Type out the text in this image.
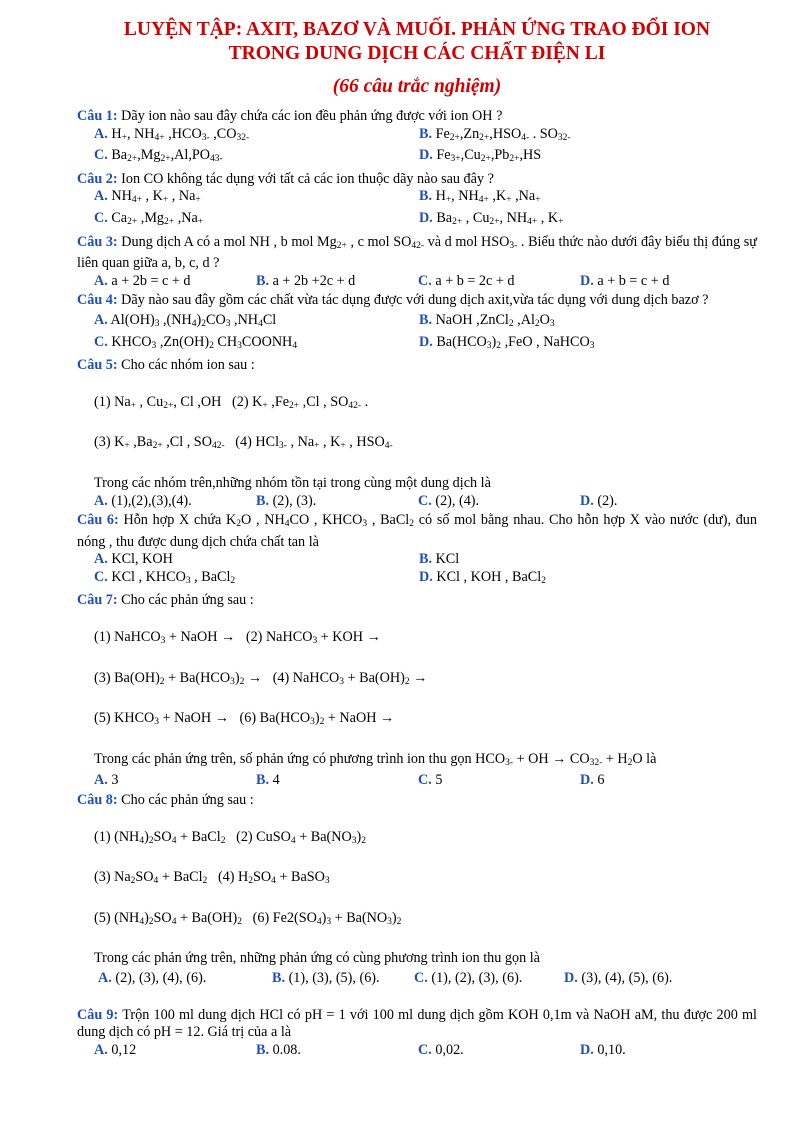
LUYỆN TẬP: AXIT, BAZƠ VÀ MUỐI. PHẢN ỨNG TRAO ĐỔI ION

TRONG DUNG DỊCH CÁC CHẤT ĐIỆN LI

(66 câu trắc nghiệm)

Câu 1: Dãy ion nào sau đây chứa các ion đều phản ứng được với ion OH ?
A. $H_+$, $NH_{4+}$ $,HCO_{3-}$ $,CO_{32-}$	B. $Fe_{2+},Zn_{2+},HSO_{4-}$ . $SO_{32-}$
C. $Ba_{2+},Mg_{2+},Al,PO_{43-}$	D. $Fe_{3+},Cu_{2+},Pb_{2+},HS$
Câu 2: Ion CO không tác dụng với tất cả các ion thuộc dãy nào sau đây ?
A. $NH_{4+}$ , $K_+$ , $Na_+$	B. $H_+$, $NH_{4+}$ $,K_+$ $,Na_+$
C. $Ca_{2+}$ $,Mg_{2+}$ $,Na_+$	D. $Ba_{2+}$ , $Cu_{2+}$, $NH_{4+}$ , $K_+$
Câu 3: Dung dịch A có a mol NH , b mol $Mg_{2+}$ , c mol $SO_{42-}$ và d mol $HSO_{3-}$ . Biểu thức nào dưới đây biểu thị đúng sự liên quan giữa a, b, c, d ?
A. a + 2b = c + d	B. a + 2b +2c + d	C. a + b = 2c + d	D. a + b = c + d
Câu 4: Dãy nào sau đây gồm các chất vừa tác dụng được với dung dịch axit,vừa tác dụng với dung dịch bazơ ?
A. $Al(OH)_3$ $,(NH_4)_2CO_3$ $,NH_4Cl$	B. NaOH ,ZnCl$_2$ $,Al_2O_3$
C. $KHCO_3$ $,Zn(OH)_2$ $CH_3COONH_4$	D. $Ba(HCO_3)_2$ ,FeO , NaHCO$_3$
Câu 5: Cho các nhóm ion sau :
(1) $Na_+$ , $Cu_{2+}$, Cl ,OH   (2) $K_+$ $,Fe_{2+}$ ,Cl , $SO_{42-}$ .
(3) $K_+$ $,Ba_{2+}$ ,Cl , $SO_{42-}$   (4) HCl$_{3-}$ , $Na_+$ , $K_+$ , $HSO_{4-}$
Trong các nhóm trên,những nhóm tồn tại trong cùng một dung dịch là
A. (1),(2),(3),(4).	B. (2), (3).	C. (2), (4).	D. (2).
Câu 6: Hỗn hợp X chứa $K_2O$ , $NH_4CO$ , $KHCO_3$ , BaCl$_2$ có số mol bằng nhau. Cho hỗn hợp X vào nước (dư), đun nóng , thu được dung dịch chứa chất tan là
A. KCl, KOH	B. KCl
C. KCl , $KHCO_3$ , BaCl$_2$	D. KCl , KOH , BaCl$_2$
Câu 7: Cho các phản ứng sau :
(1) NaHCO$_3$ + NaOH →   (2) NaHCO$_3$ + KOH →
(3) $Ba(OH)_2 + Ba(HCO_3)_2 \to (4)$ NaHCO$_3$ + $Ba(OH)_2$ →
(5) $KHCO_3$ + NaOH →   (6) $Ba(HCO_3)_2$ + NaOH →
Trong các phản ứng trên, số phản ứng có phương trình ion thu gọn $HCO_{3-}$ + OH → $CO_{32-} + H_2O$ là
A. 3	B. 4	C. 5	D. 6
Câu 8: Cho các phản ứng sau :
(1) $(NH_4)_2SO_4$ + BaCl$_2$   (2) CuSO$_4$ + $Ba(NO_3)_2$
(3) $Na_2SO_4$ + BaCl$_2$   (4) $H_2SO_4$ + BaSO$_3$
(5) $(NH_4)_2SO_4 + Ba(OH)_2$   (6) $Fe2(SO_4)_3 + Ba(NO_3)_2$
Trong các phản ứng trên, những phản ứng có cùng phương trình ion thu gọn là
A. (2), (3), (4), (6).	B. (1), (3), (5), (6).	C. (1), (2), (3), (6).	D. (3), (4), (5), (6).
Câu 9: Trộn 100 ml dung dịch HCl có pH = 1 với 100 ml dung dịch gồm KOH 0,1m và NaOH aM, thu được 200 ml dung dịch có pH = 12. Giá trị của a là
A. 0,12	B. 0.08.	C. 0,02.	D. 0,10.
